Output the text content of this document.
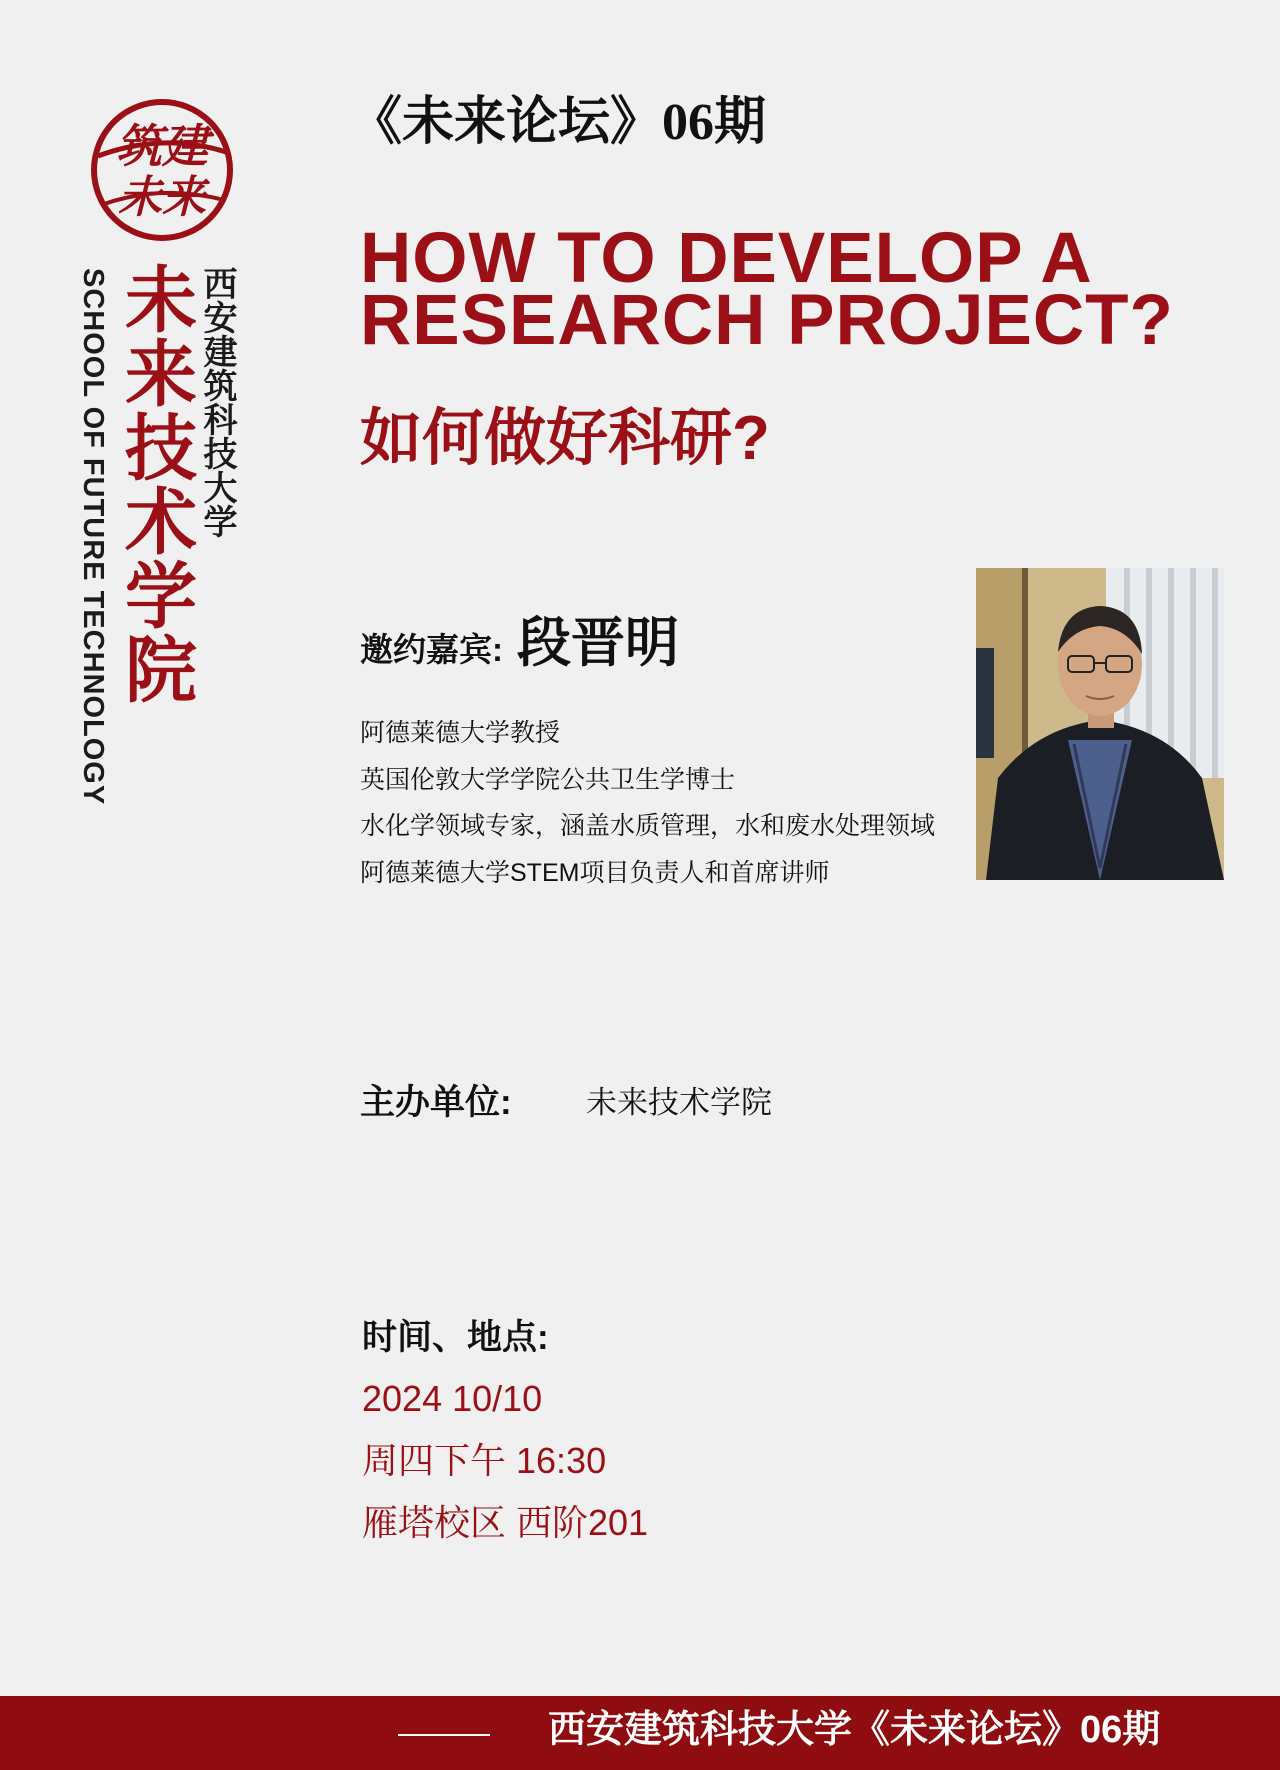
筑建
未来
未来技术学院 西安建筑科技大学
SCHOOL OF FUTURE TECHNOLOGY
《未来论坛》06期
HOW TO DEVELOP A
RESEARCH PROJECT?
如何做好科研?
邀约嘉宾: 段晋明
阿德莱德大学教授
英国伦敦大学学院公共卫生学博士
水化学领域专家，涵盖水质管理，水和废水处理领域
阿德莱德大学STEM项目负责人和首席讲师
主办单位: 未来技术学院
时间、地点:
2024 10/10
周四下午 16:30
雁塔校区 西阶201
西安建筑科技大学《未来论坛》06期
